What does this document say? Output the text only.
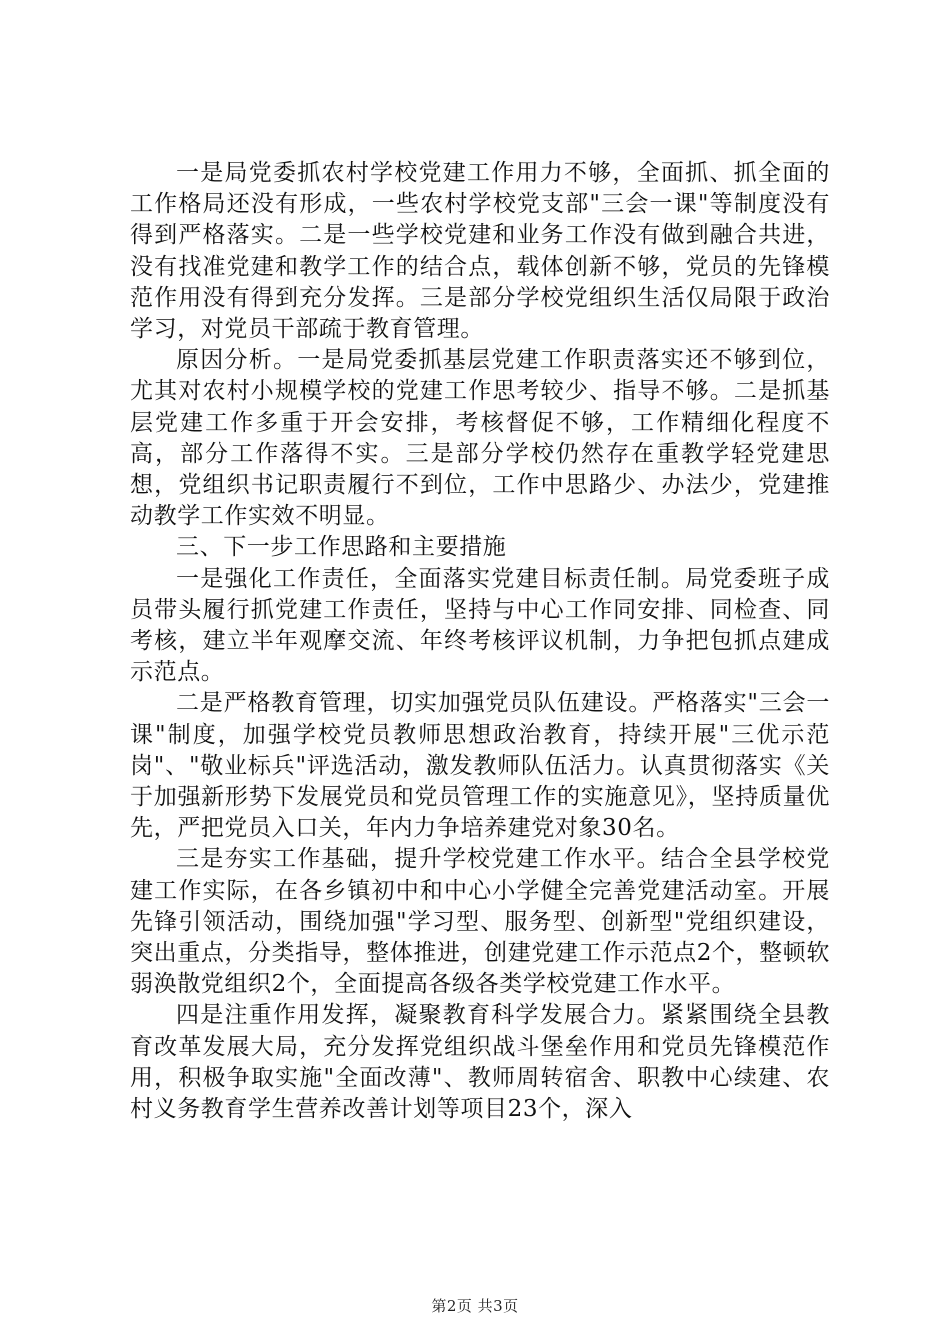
一是局党委抓农村学校党建工作用力不够，全面抓、抓全面的工作格局还没有形成，一些农村学校党支部"三会一课"等制度没有得到严格落实。二是一些学校党建和业务工作没有做到融合共进，没有找准党建和教学工作的结合点，载体创新不够，党员的先锋模范作用没有得到充分发挥。三是部分学校党组织生活仅局限于政治学习，对党员干部疏于教育管理。

原因分析。一是局党委抓基层党建工作职责落实还不够到位，尤其对农村小规模学校的党建工作思考较少、指导不够。二是抓基层党建工作多重于开会安排，考核督促不够，工作精细化程度不高，部分工作落得不实。三是部分学校仍然存在重教学轻党建思想，党组织书记职责履行不到位，工作中思路少、办法少，党建推动教学工作实效不明显。

三、下一步工作思路和主要措施

一是强化工作责任，全面落实党建目标责任制。局党委班子成员带头履行抓党建工作责任，坚持与中心工作同安排、同检查、同考核，建立半年观摩交流、年终考核评议机制，力争把包抓点建成示范点。

二是严格教育管理，切实加强党员队伍建设。严格落实"三会一课"制度，加强学校党员教师思想政治教育，持续开展"三优示范岗"、"敬业标兵"评选活动，激发教师队伍活力。认真贯彻落实《关于加强新形势下发展党员和党员管理工作的实施意见》，坚持质量优先，严把党员入口关，年内力争培养建党对象30名。

三是夯实工作基础，提升学校党建工作水平。结合全县学校党建工作实际，在各乡镇初中和中心小学健全完善党建活动室。开展先锋引领活动，围绕加强"学习型、服务型、创新型"党组织建设，突出重点，分类指导，整体推进，创建党建工作示范点2个，整顿软弱涣散党组织2个，全面提高各级各类学校党建工作水平。

四是注重作用发挥，凝聚教育科学发展合力。紧紧围绕全县教育改革发展大局，充分发挥党组织战斗堡垒作用和党员先锋模范作用，积极争取实施"全面改薄"、教师周转宿舍、职教中心续建、农村义务教育学生营养改善计划等项目23个，深入

第2页 共3页
